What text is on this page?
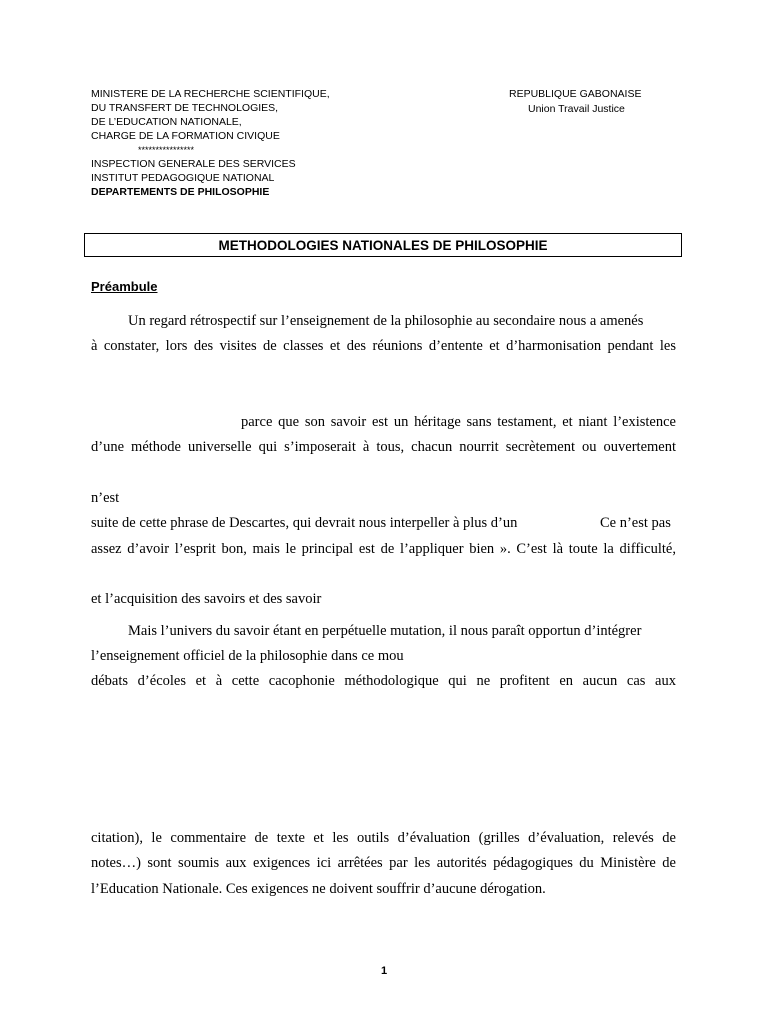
MINISTERE DE LA RECHERCHE SCIENTIFIQUE,
DU TRANSFERT DE TECHNOLOGIES,
DE L’EDUCATION NATIONALE,
CHARGE DE LA FORMATION CIVIQUE
****************
INSPECTION GENERALE DES SERVICES
INSTITUT PEDAGOGIQUE NATIONAL
DEPARTEMENTS DE PHILOSOPHIE
REPUBLIQUE GABONAISE
Union Travail Justice
METHODOLOGIES NATIONALES DE PHILOSOPHIE
Préambule
Un regard rétrospectif sur l’enseignement de la philosophie au secondaire nous a amenés
à constater, lors des visites de classes et des réunions d’entente et d’harmonisation pendant les
parce que son savoir est un héritage sans testament, et niant l’existence
d’une méthode universelle qui s’imposerait à tous, chacun nourrit secrètement ou ouvertement
n’est
suite de cette phrase de Descartes, qui devrait nous interpeller à plus d’un	Ce n’est pas
assez d’avoir l’esprit bon, mais le principal est de l’appliquer bien ». C’est là toute la difficulté,
et l’acquisition des savoirs et des savoir
Mais l’univers du savoir étant en perpétuelle mutation, il nous paraît opportun d’intégrer
l’enseignement officiel de la philosophie dans ce mou
débats d’écoles et à cette cacophonie méthodologique qui ne profitent en aucun cas aux
citation), le commentaire de texte et les outils d’évaluation (grilles d’évaluation, relevés de
notes…) sont soumis aux exigences ici arrêtées par les autorités pédagogiques du Ministère de
l’Education Nationale. Ces exigences ne doivent souffrir d’aucune dérogation.
1
